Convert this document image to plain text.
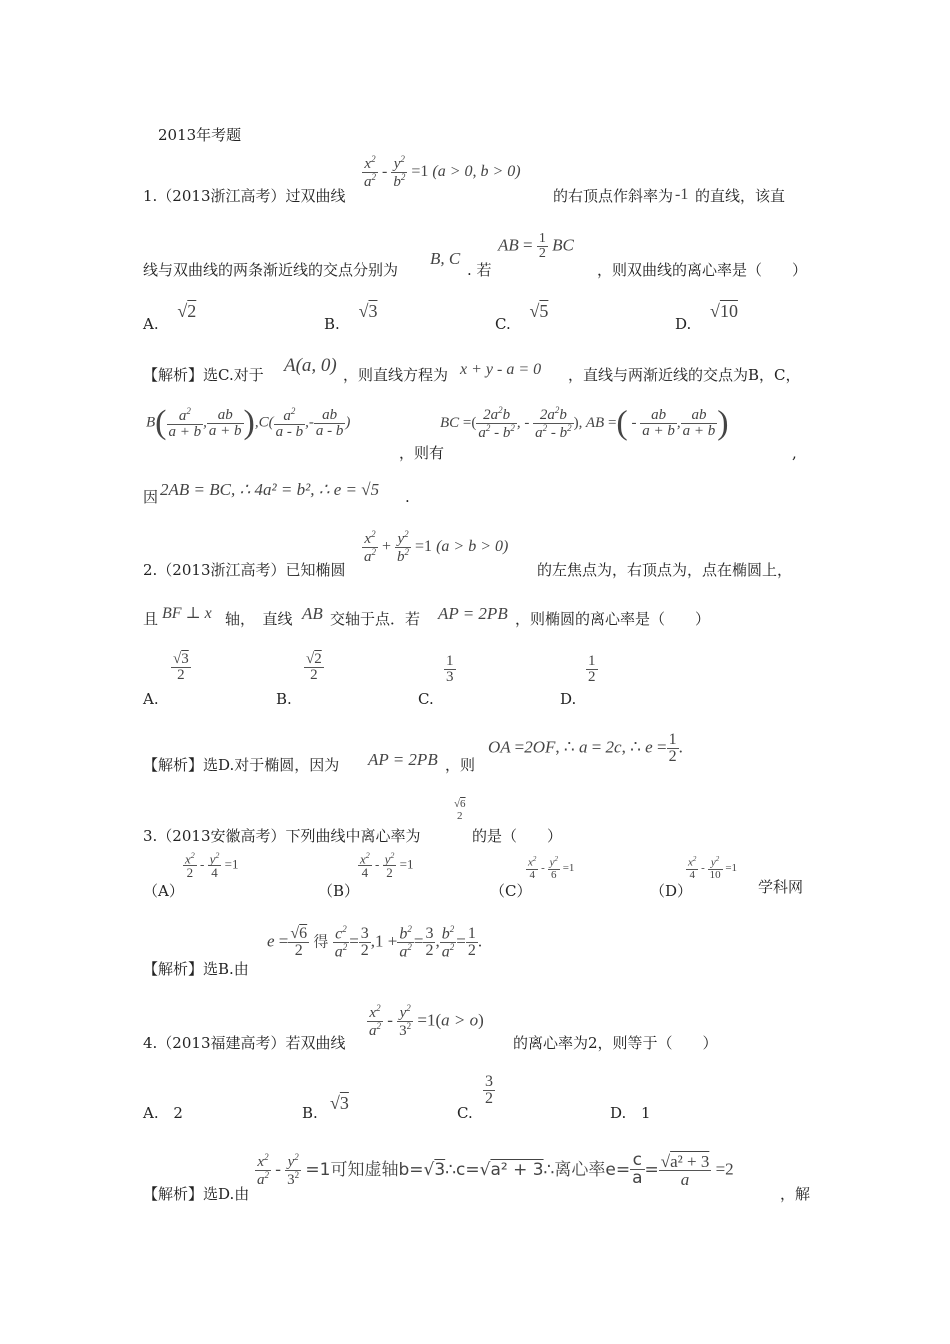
2013年考题
$\frac{x^2}{a^2} - \frac{y^2}{b^2} =1$ (a > 0, b > 0)
1.（2013浙江高考）过双曲线	的右顶点作斜率为 -1 的直线，该直
线与双曲线的两条渐近线的交点分别为
B, C
. 若
AB = $\frac{1}{2}$ BC
，则双曲线的离心率是（　　）
A. √2
B. √3
C. √5
D. √10
【解析】选C.对于 A(a, 0) ，则直线方程为 x + y - a = 0 ，直线与两渐近线的交点为B，C，
$B( \frac{a^2}{a + b}$ , $\frac{ab}{a + b} ),C( \frac{a^2}{a - b}$ ,- $\frac{ab}{a - b}$ )
，则有
BC =( $\frac{2a^2b}{a^2 - b^2}$ , - $\frac{2a^2b}{a^2 - b^2}$ ), AB =( - $\frac{ab}{a + b}$ , $\frac{ab}{a + b}$ )
,
因 2AB = BC, ∴ 4a² = b², ∴ e = √5 .
$\frac{x^2}{a^2} + \frac{y^2}{b^2} =1$ (a > b > 0)
2.（2013浙江高考）已知椭圆	的左焦点为，右顶点为，点在椭圆上，
且 BF ⊥ x 轴，　直线 AB 交轴于点．若 AP = 2PB ，则椭圆的离心率是（　　）
A.
$\frac{√3}{2}$
B.
$\frac{√2}{2}$
C.
$\frac{1}{3}$
D.
$\frac{1}{2}$
【解析】选D.对于椭圆，因为 AP = 2PB ，则
OA =2OF, ∴ a = 2c, ∴ $e = \frac{1}{2}$ .
3.（2013安徽高考）下列曲线中离心率为
$\frac{√6}{2}$
的是（　　）
（A）
$\frac{x^2}{2} - \frac{y^2}{4} =1$
（B）
$\frac{x^2}{4} - \frac{y^2}{2} =1$
（C）
$\frac{x^2}{4} - \frac{y^2}{6} =1$
（D）
$\frac{x^2}{4} - \frac{y^2}{10} =1$
学科网
【解析】选B.由
$e = \frac{√6}{2}$ 得 $\frac{c^2}{a^2} = \frac{3}{2} ,1 + \frac{b^2}{a^2} = \frac{3}{2}$ , $\frac{b^2}{a^2} = \frac{1}{2}$ .
$\frac{x^2}{a^2} - \frac{y^2}{3^2} =1(a > o)$
4.（2013福建高考）若双曲线	的离心率为2，则等于（　　）
A. 2	B. √3	C.
$\frac{3}{2}$
D. 1
【解析】选D.由
$\frac{x^2}{a^2} - \frac{y^2}{3^2} =1$可知虚轴b=√3∴c=√a² + 3∴离心率$e= \frac{c}{a} = \frac{\text{√a² + 3}}{a} =2$
，解
